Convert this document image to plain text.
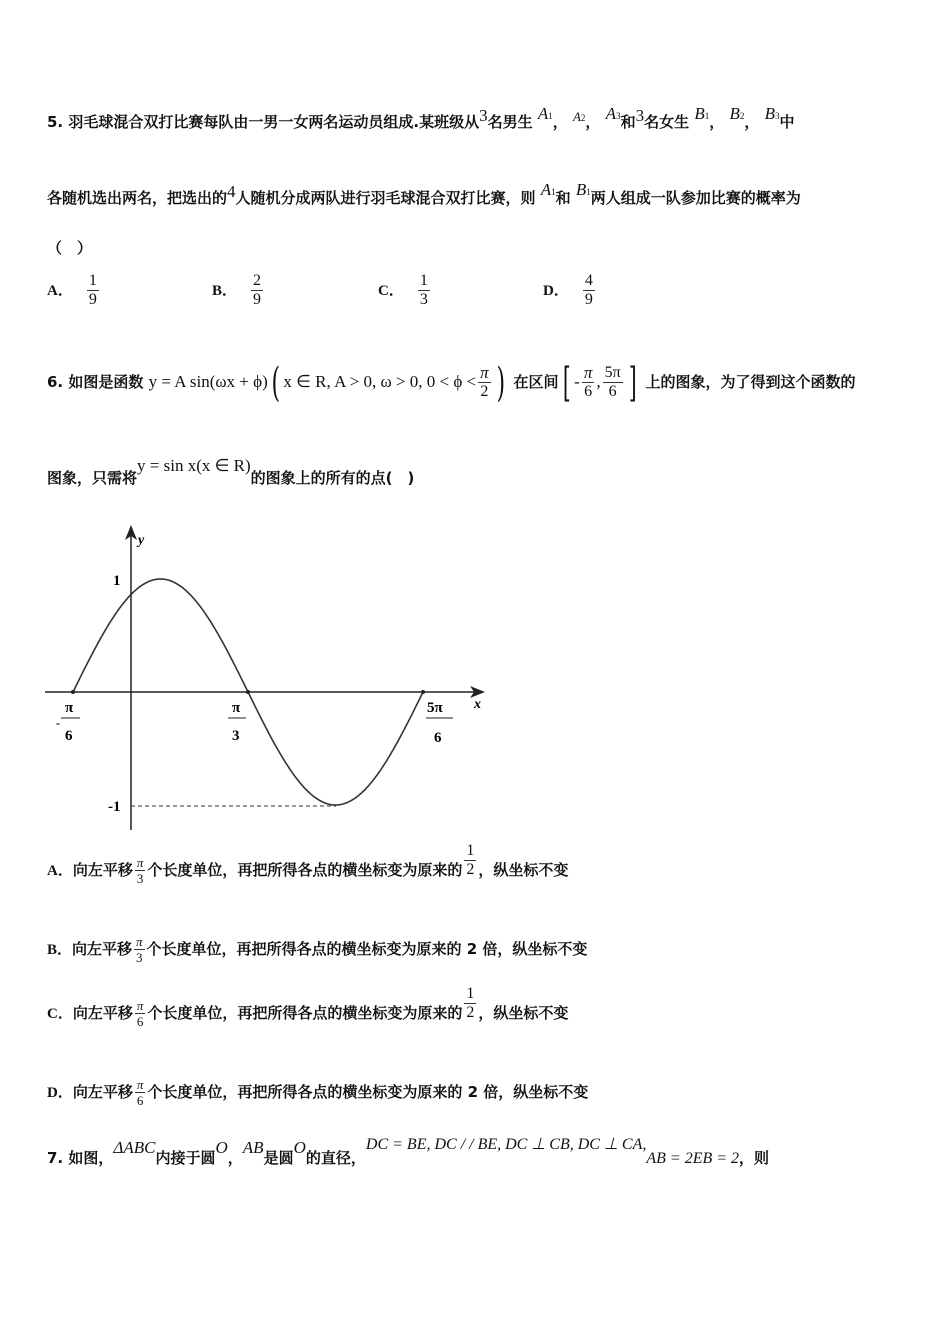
5. 羽毛球混合双打比赛每队由一男一女两名运动员组成.某班级从3名男生 A1， A2， A3和3名女生 B1， B2， B3中
各随机选出两名，把选出的4人随机分成两队进行羽毛球混合双打比赛，则 A1和 B1两人组成一队参加比赛的概率为
（　）
A． $\frac{1}{9}$	B． $\frac{2}{9}$	C． $\frac{1}{3}$	D． $\frac{4}{9}$
6. 如图是函数 y = A sin(ωx + ϕ)( x ∈ R, A > 0, ω > 0, $0 < \phi < \frac{\pi}{2}$ ) 在区间[ - $\frac{\pi}{6}$ , $\frac{5\pi}{6}$ ] 上的图象，为了得到这个函数的
图象，只需将y = sin x(x ∈ R)的图象上的所有的点(　)
y
x
1
-1
-
π
6
π
3
5π
6
A．向左平移 $\frac{\pi}{3}$ 个长度单位，再把所得各点的横坐标变为原来的 $\frac{1}{2}$ ，纵坐标不变
B．向左平移 $\frac{\pi}{3}$ 个长度单位，再把所得各点的横坐标变为原来的 2 倍，纵坐标不变
C．向左平移 $\frac{\pi}{6}$ 个长度单位，再把所得各点的横坐标变为原来的 $\frac{1}{2}$ ，纵坐标不变
D．向左平移 $\frac{\pi}{6}$ 个长度单位，再把所得各点的横坐标变为原来的 2 倍，纵坐标不变
7. 如图，ΔABC内接于圆O，AB是圆O的直径，DC = BE, DC / / BE, DC ⊥ CB, DC ⊥ CA,AB = 2EB = 2，则
